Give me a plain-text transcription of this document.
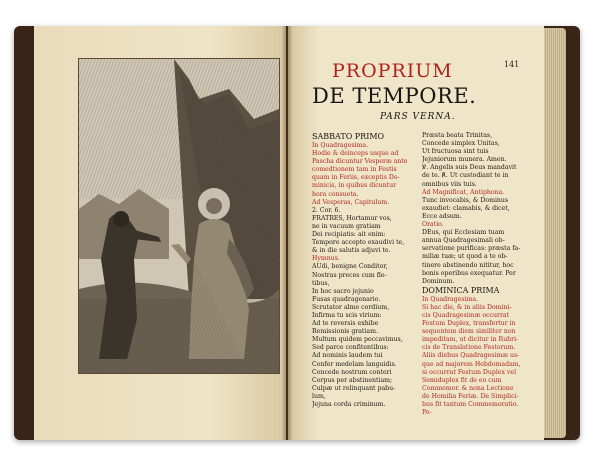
141
PROPRIUM
DE TEMPORE.
PARS VERNA.
SABBATO PRIMO
In Quadragesima.
Hodie & deinceps usque ad
Pascha dicuntur Vesperæ ante
comedtionem tam in Festis
quam in Feriis, exceptis Do-
minicis, in quibus dicuntur
hora consueta.
Ad Vesperas, Capitulum.
2. Cor. 6.
FRATRES, Hortamur vos,
ne in vacuum gratiam
Dei recipiatis: ait enim:
Tempore accepto exaudivi te,
& in die salutis adjuvi te.
Hymnus.
AUdi, benigne Conditor,
Nostras preces cum fle-
tibus,
In hoc sacro jejunio
Fusas quadragenario.
Scrutator alme cordium,
Infirma tu scis virium:
Ad te reversis exhibe
Remissionis gratiam.
Multum quidem peccavimus,
Sed parce confitentibus:
Ad nominis laudem tui
Confer medelam languidis.
Concede nostrum conteri
Corpus per abstinentiam;
Culpæ ut relinquant pabu-
lum,
Jejuna corda criminum.
Præsta beata Trinitas,
Concede simplex Unitas,
Ut fructuosa sint tuis
Jejuniorum munera. Amen.
℣. Angelis suis Deus mandavit
de te. ℟. Ut custodiant te in
omnibus viis tuis.
Ad Magnificat, Antiphona.
Tunc invocabis, & Dominus
exaudiet: clamabis, & dicet,
Ecce adsum.
Oratio.
DEus, qui Ecclesiam tuam
annua Quadragesimali ob-
servatione purificas: præsta fa-
miliæ tuæ; ut quod a te ob-
tinere abstinendo nititur, hoc
bonis operibus exequatur. Per
Dominum.
DOMINICA PRIMA
In Quadragesima.
Si hac die, & in aliis Domini-
cis Quadragesimæ occurrat
Festum Duplex, transfertur in
sequentem diem similiter non
impeditam, ut dicitur in Rubri-
cis de Translatione Festorum.
Aliis diebus Quadragesimæ us-
que ad majorem Hebdomadam,
si occurrat Festum Duplex vel
Semiduplex fit de eo cum
Commemor. & nona Lectione
de Homilia Feriæ. De Simplici-
bus fit tantum Commemoratio.
Pe-
